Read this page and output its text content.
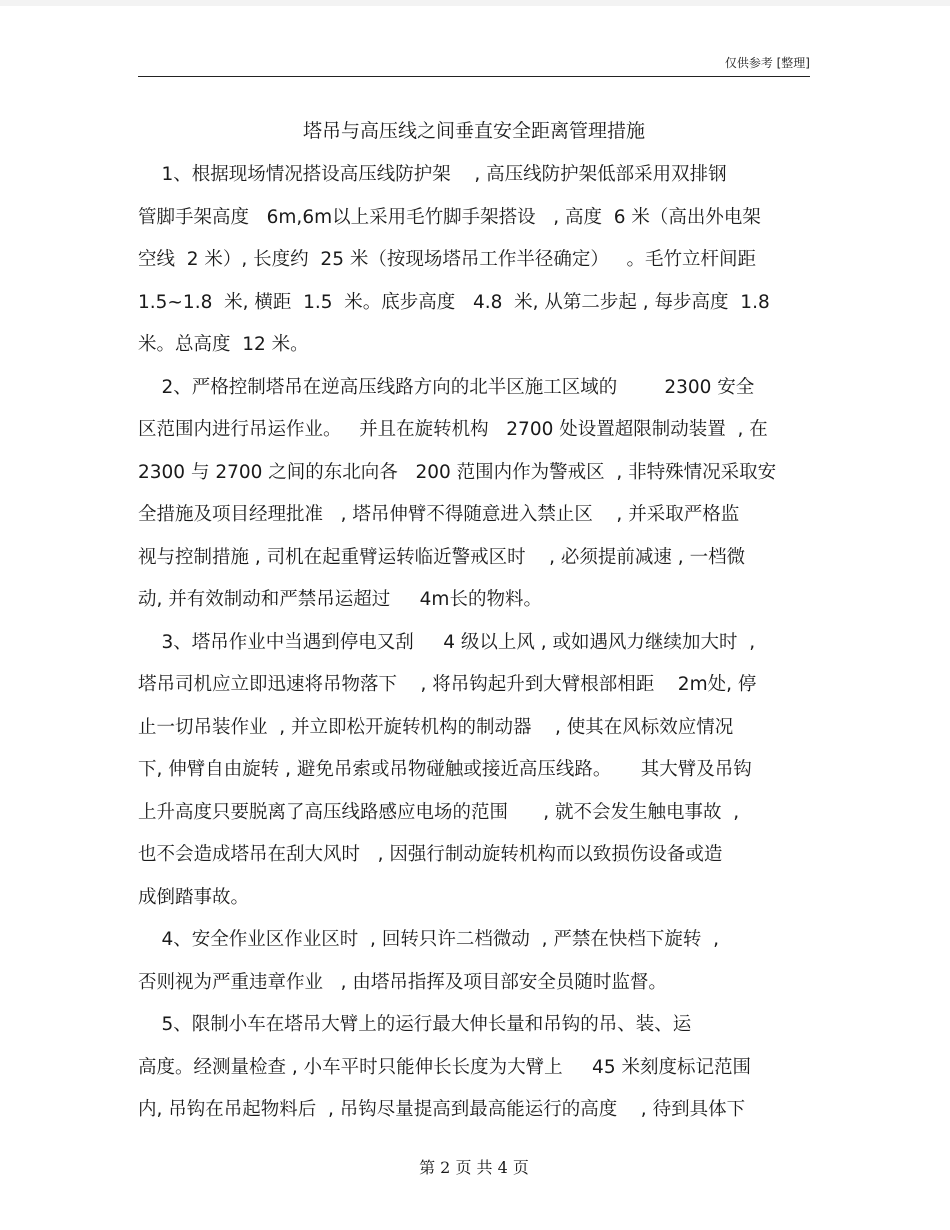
仅供参考 [整理]
塔吊与高压线之间垂直安全距离管理措施
1、根据现场情况搭设高压线防护架    , 高压线防护架低部采用双排钢
管脚手架高度   6m,6m以上采用毛竹脚手架搭设   , 高度  6 米（高出外电架
空线  2 米）, 长度约  25 米（按现场塔吊工作半径确定）   。毛竹立杆间距
1.5~1.8  米, 横距  1.5  米。底步高度   4.8  米, 从第二步起 , 每步高度  1.8
米。总高度  12 米。
2、严格控制塔吊在逆高压线路方向的北半区施工区域的        2300 安全
区范围内进行吊运作业。   并且在旋转机构   2700 处设置超限制动装置  , 在
2300 与 2700 之间的东北向各   200 范围内作为警戒区  , 非特殊情况采取安
全措施及项目经理批准   , 塔吊伸臂不得随意进入禁止区    , 并采取严格监
视与控制措施 , 司机在起重臂运转临近警戒区时    , 必须提前减速 , 一档微
动, 并有效制动和严禁吊运超过     4m长的物料。
3、塔吊作业中当遇到停电又刮     4 级以上风 , 或如遇风力继续加大时  ,
塔吊司机应立即迅速将吊物落下    , 将吊钩起升到大臂根部相距    2m处, 停
止一切吊装作业  , 并立即松开旋转机构的制动器    , 使其在风标效应情况
下, 伸臂自由旋转 , 避免吊索或吊物碰触或接近高压线路。     其大臂及吊钩
上升高度只要脱离了高压线路感应电场的范围      , 就不会发生触电事故  ,
也不会造成塔吊在刮大风时   , 因强行制动旋转机构而以致损伤设备或造
成倒踏事故。
4、安全作业区作业区时  , 回转只许二档微动  , 严禁在快档下旋转  ,
否则视为严重违章作业   , 由塔吊指挥及项目部安全员随时监督。
5、限制小车在塔吊大臂上的运行最大伸长量和吊钩的吊、装、运
高度。经测量检查 , 小车平时只能伸长长度为大臂上     45 米刻度标记范围
内, 吊钩在吊起物料后  , 吊钩尽量提高到最高能运行的高度    , 待到具体下
第 2 页 共 4 页
